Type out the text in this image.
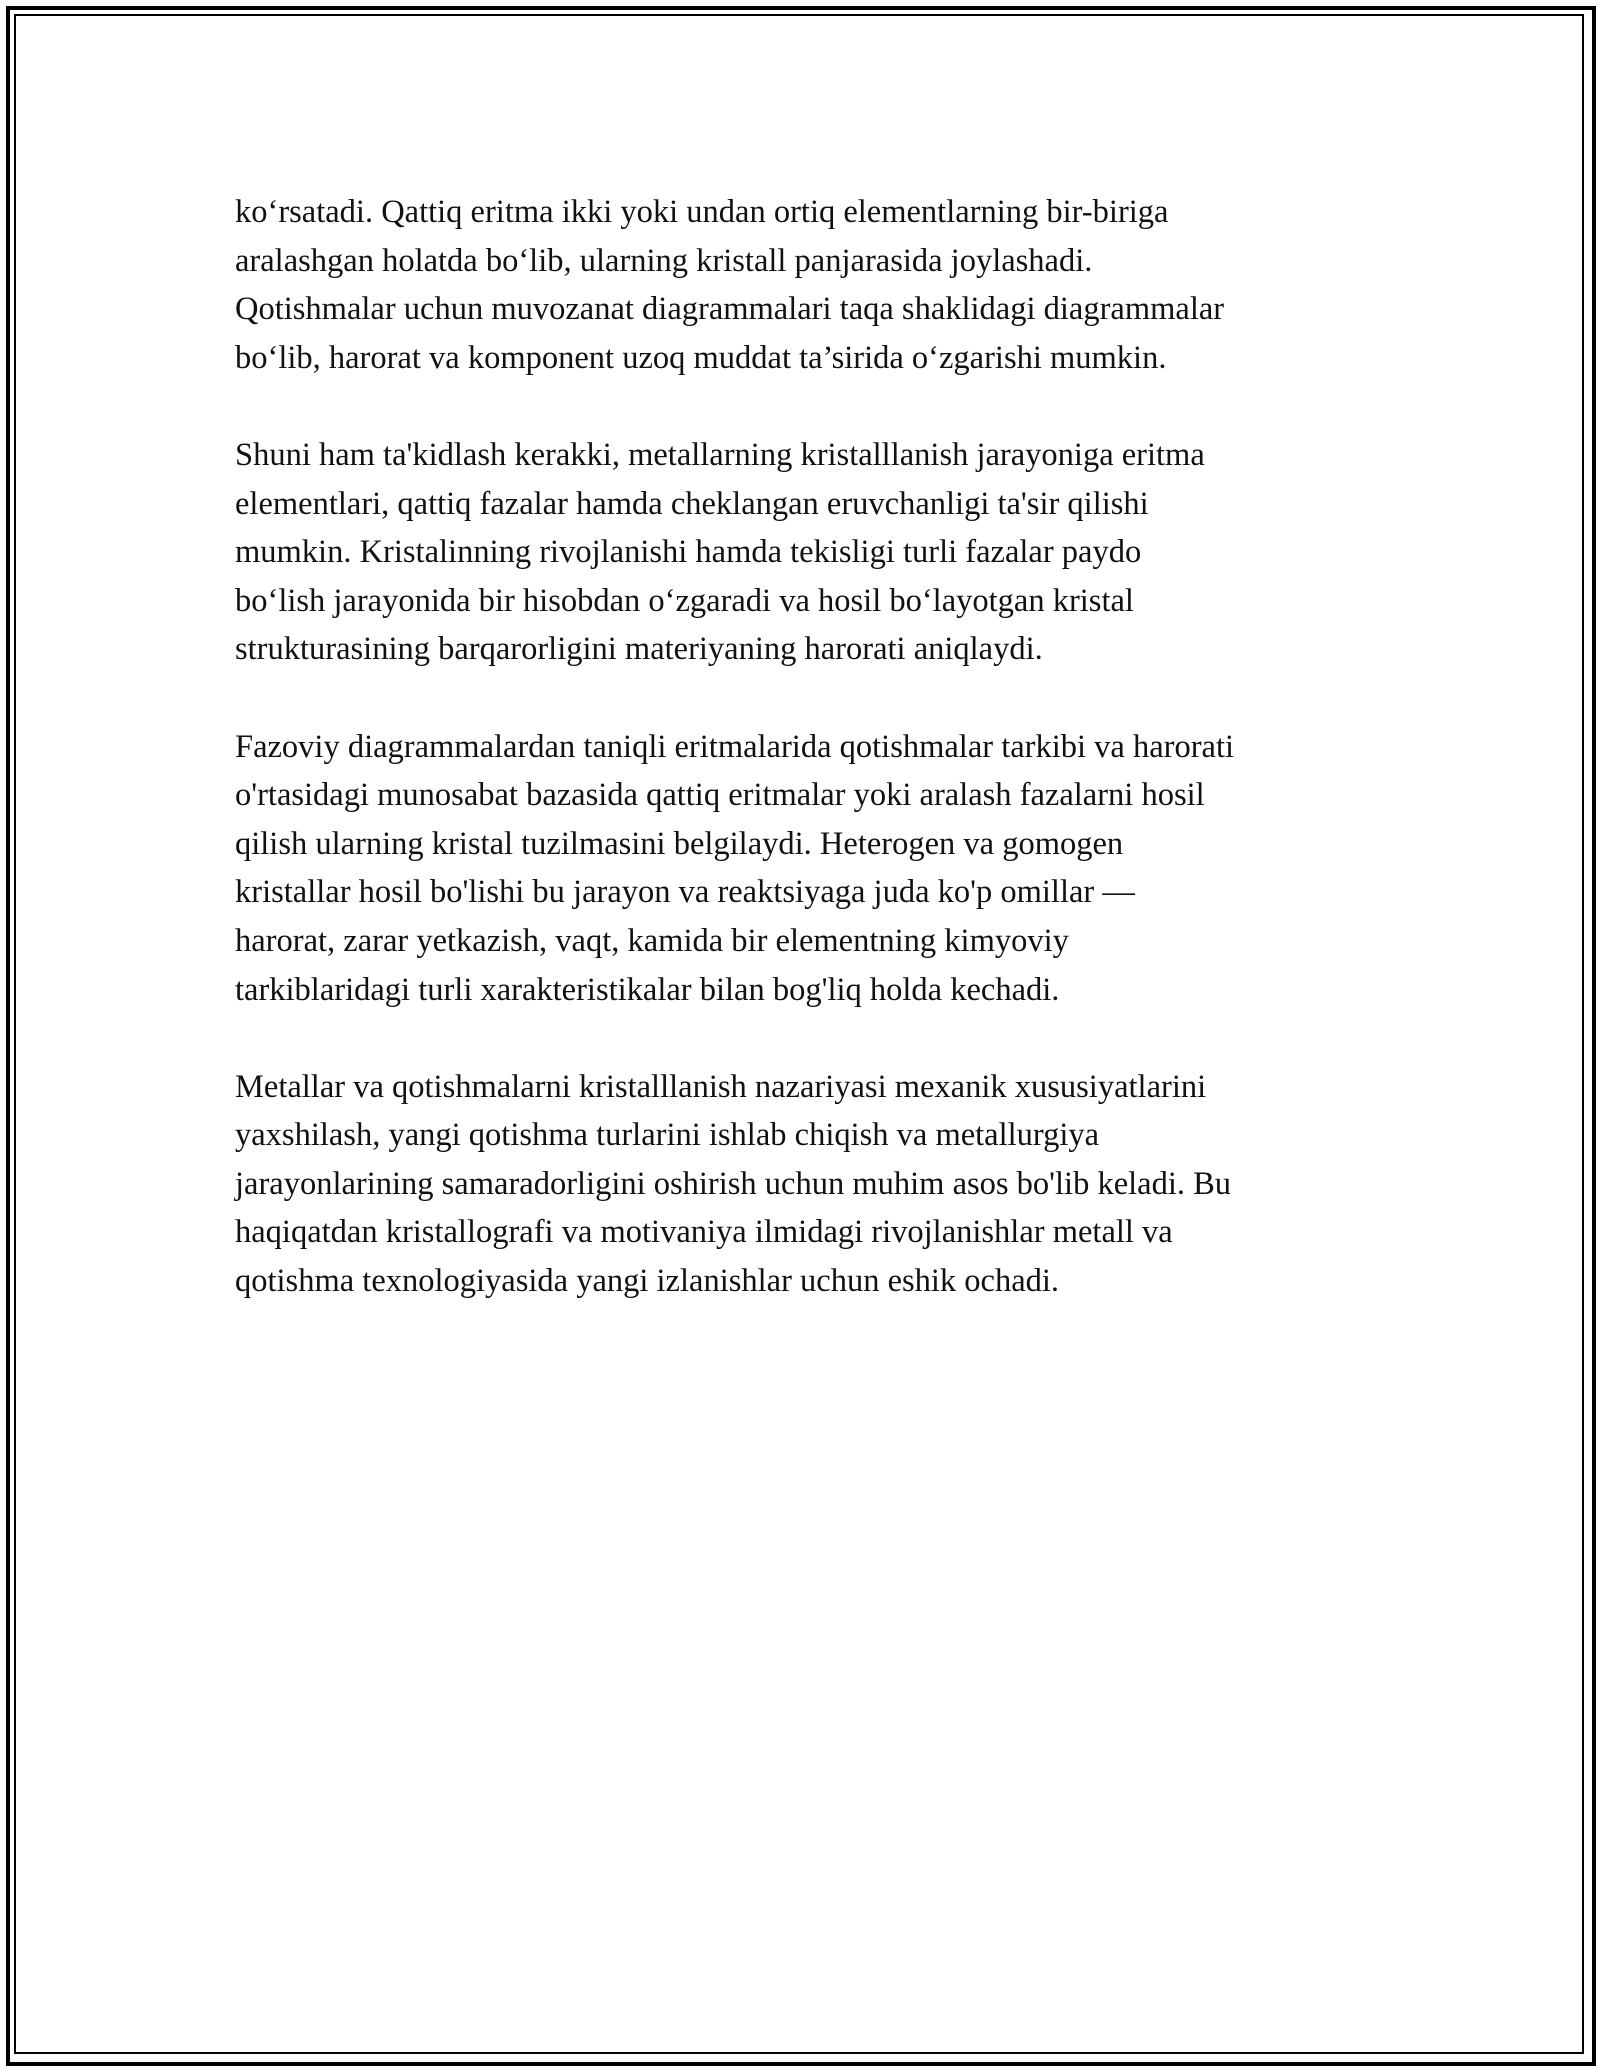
ko‘rsatadi. Qattiq eritma ikki yoki undan ortiq elementlarning bir-biriga
aralashgan holatda bo‘lib, ularning kristall panjarasida joylashadi.
Qotishmalar uchun muvozanat diagrammalari taqa shaklidagi diagrammalar
bo‘lib, harorat va komponent uzoq muddat ta’sirida o‘zgarishi mumkin.

Shuni ham ta'kidlash kerakki, metallarning kristalllanish jarayoniga eritma
elementlari, qattiq fazalar hamda cheklangan eruvchanligi ta'sir qilishi
mumkin. Kristalinning rivojlanishi hamda tekisligi turli fazalar paydo
bo‘lish jarayonida bir hisobdan o‘zgaradi va hosil bo‘layotgan kristal
strukturasining barqarorligini materiyaning harorati aniqlaydi.

Fazoviy diagrammalardan taniqli eritmalarida qotishmalar tarkibi va harorati
o'rtasidagi munosabat bazasida qattiq eritmalar yoki aralash fazalarni hosil
qilish ularning kristal tuzilmasini belgilaydi. Heterogen va gomogen
kristallar hosil bo'lishi bu jarayon va reaktsiyaga juda ko'p omillar —
harorat, zarar yetkazish, vaqt, kamida bir elementning kimyoviy
tarkiblaridagi turli xarakteristikalar bilan bog'liq holda kechadi.

Metallar va qotishmalarni kristalllanish nazariyasi mexanik xususiyatlarini
yaxshilash, yangi qotishma turlarini ishlab chiqish va metallurgiya
jarayonlarining samaradorligini oshirish uchun muhim asos bo'lib keladi. Bu
haqiqatdan kristallografi va motivaniya ilmidagi rivojlanishlar metall va
qotishma texnologiyasida yangi izlanishlar uchun eshik ochadi.
